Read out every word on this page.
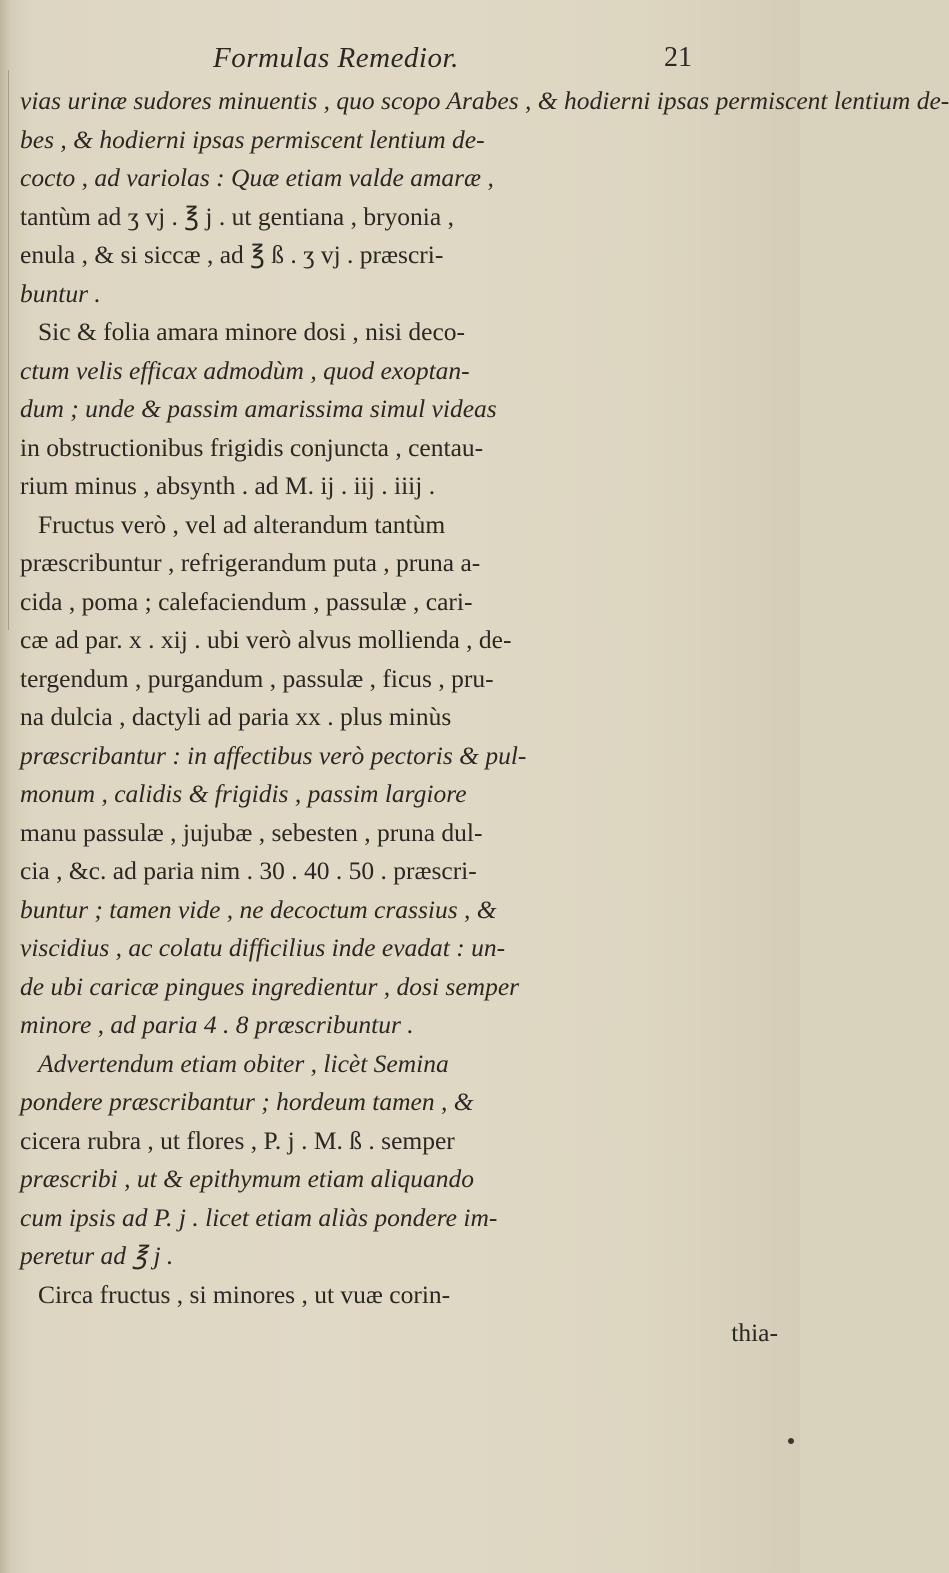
Formulas Remedior.	21
vias urinæ sudores minuentis , quo scopo Arabes , & hodierni ipsas permiscent lentium de-
bes , & hodierni ipsas permiscent lentium de-
cocto , ad variolas : Quæ etiam valde amaræ ,
tantùm ad ʒ vj . ℥ j . ut gentiana , bryonia ,
enula , & si siccæ , ad ℥ ß . ʒ vj . præscri-
buntur .
Sic & folia amara minore dosi , nisi deco-
ctum velis efficax admodùm , quod exoptan-
dum ; unde & passim amarissima simul videas
in obstructionibus frigidis conjuncta , centau-
rium minus , absynth . ad M. ij . iij . iiij .
Fructus verò , vel ad alterandum tantùm
præscribuntur , refrigerandum puta , pruna a-
cida , poma ; calefaciendum , passulæ , cari-
cæ ad par. x . xij . ubi verò alvus mollienda , de-
tergendum , purgandum , passulæ , ficus , pru-
na dulcia , dactyli ad paria xx . plus minùs
præscribantur : in affectibus verò pectoris & pul-
monum , calidis & frigidis , passim largiore
manu passulæ , jujubæ , sebesten , pruna dul-
cia , &c. ad paria nim . 30 . 40 . 50 . præscri-
buntur ; tamen vide , ne decoctum crassius , &
viscidius , ac colatu difficilius inde evadat : un-
de ubi caricæ pingues ingredientur , dosi semper
minore , ad paria 4 . 8 præscribuntur .
Advertendum etiam obiter , licèt Semina
pondere præscribantur ; hordeum tamen , &
cicera rubra , ut flores , P. j . M. ß . semper
præscribi , ut & epithymum etiam aliquando
cum ipsis ad P. j . licet etiam aliàs pondere im-
peretur ad ℥ j .
Circa fructus , si minores , ut vuæ corin-
thia-
